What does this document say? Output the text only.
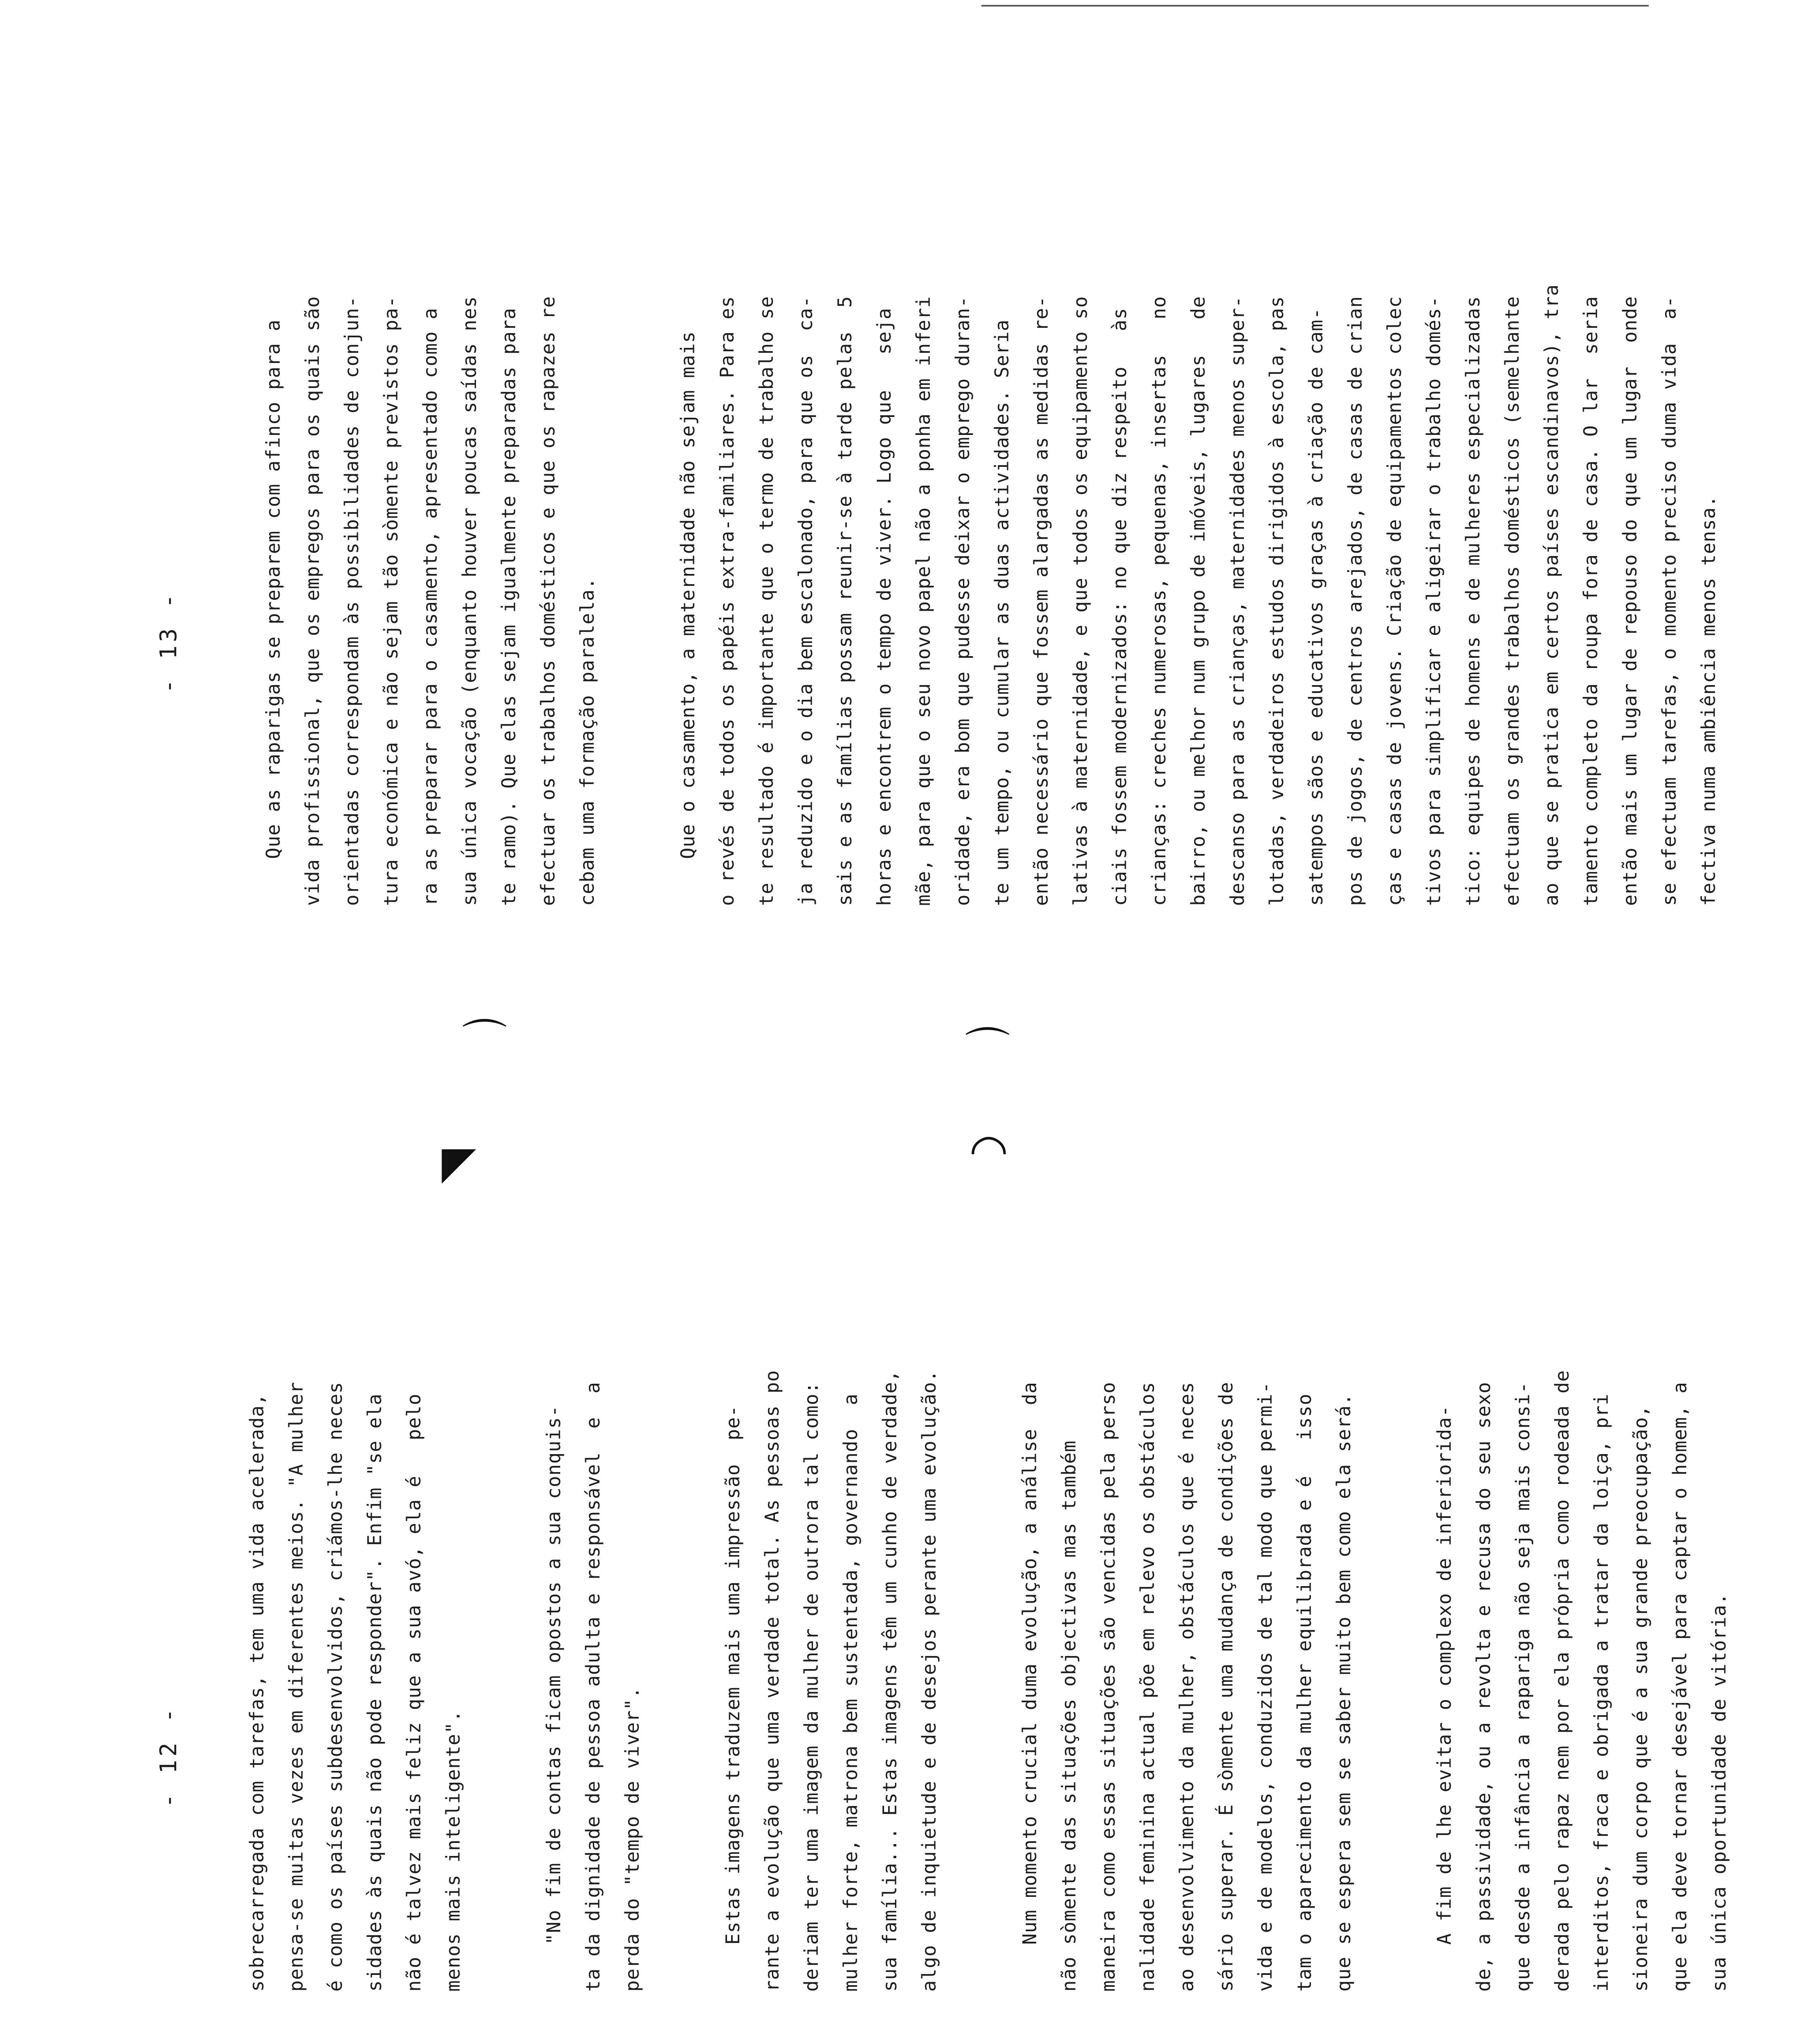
⌒	⌒
◤	◠
- 12 -	sobrecarregada com tarefas, tem uma vida acelerada, pensa-se muitas vezes em diferentes meios. "A mulher é como os países subdesenvolvidos, criámos-lhe neces sidades às quais não pode responder". Enfim "se ela não é talvez mais feliz que a sua avó, ela é   pelo menos mais inteligente".	"No fim de contas ficam opostos a sua conquis- ta da dignidade de pessoa adulta e responsável  e  a perda do "tempo de viver".	Estas imagens traduzem mais uma impressão  pe- rante a evolução que uma verdade total. As pessoas po deriam ter uma imagem da mulher de outrora tal como: mulher forte, matrona bem sustentada, governando  a sua família... Estas imagens têm um cunho de verdade, algo de inquietude e de desejos perante uma evolução.	Num momento crucial duma evolução, a análise  da não sòmente das situações objectivas mas também maneira como essas situações são vencidas pela perso nalidade feminina actual põe em relevo os obstáculos ao desenvolvimento da mulher, obstáculos que é neces sário superar. É sòmente uma mudança de condições de vida e de modelos, conduzidos de tal modo que permi- tam o aparecimento da mulher equilibrada e é   isso que se espera sem se saber muito bem como ela será.	A fim de lhe evitar o complexo de inferiorida- de, a passividade, ou a revolta e recusa do seu sexo que desde a infância a rapariga não seja mais consi- derada pelo rapaz nem por ela própria como rodeada de interditos, fraca e obrigada a tratar da loiça, pri sioneira dum corpo que é a sua grande preocupação, que ela deve tornar desejável para captar o homem, a sua única oportunidade de vitória.
- 13 -	Que as raparigas se preparem com afinco para a vida profissional, que os empregos para os quais são orientadas correspondam às possibilidades de conjun- tura económica e não sejam tão sòmente previstos pa- ra as preparar para o casamento, apresentado como a sua única vocação (enquanto houver poucas saídas nes te ramo). Que elas sejam igualmente preparadas para efectuar os trabalhos domésticos e que os rapazes re cebam uma formação paralela.	Que o casamento, a maternidade não sejam mais o revés de todos os papéis extra-familiares. Para es te resultado é importante que o termo de trabalho se ja reduzido e o dia bem escalonado, para que os  ca- sais e as famílias possam reunir-se à tarde pelas  5 horas e encontrem o tempo de viver. Logo que   seja mãe, para que o seu novo papel não a ponha em inferi oridade, era bom que pudesse deixar o emprego duran- te um tempo, ou cumular as duas actividades. Seria então necessário que fossem alargadas as medidas re- lativas à maternidade, e que todos os equipamento so ciais fossem modernizados: no que diz respeito   às crianças: creches numerosas, pequenas, insertas   no bairro, ou melhor num grupo de imóveis, lugares   de descanso para as crianças, maternidades menos super- lotadas, verdadeiros estudos dirigidos à escola, pas satempos sãos e educativos graças à criação de cam- pos de jogos, de centros arejados, de casas de crian ças e casas de jovens. Criação de equipamentos colec tivos para simplificar e aligeirar o trabalho domés- tico: equipes de homens e de mulheres especializadas efectuam os grandes trabalhos domésticos (semelhante ao que se pratica em certos países escandinavos), tra tamento completo da roupa fora de casa. O lar  seria então mais um lugar de repouso do que um lugar  onde se efectuam tarefas, o momento preciso duma vida  a- fectiva numa ambiência menos tensa.
